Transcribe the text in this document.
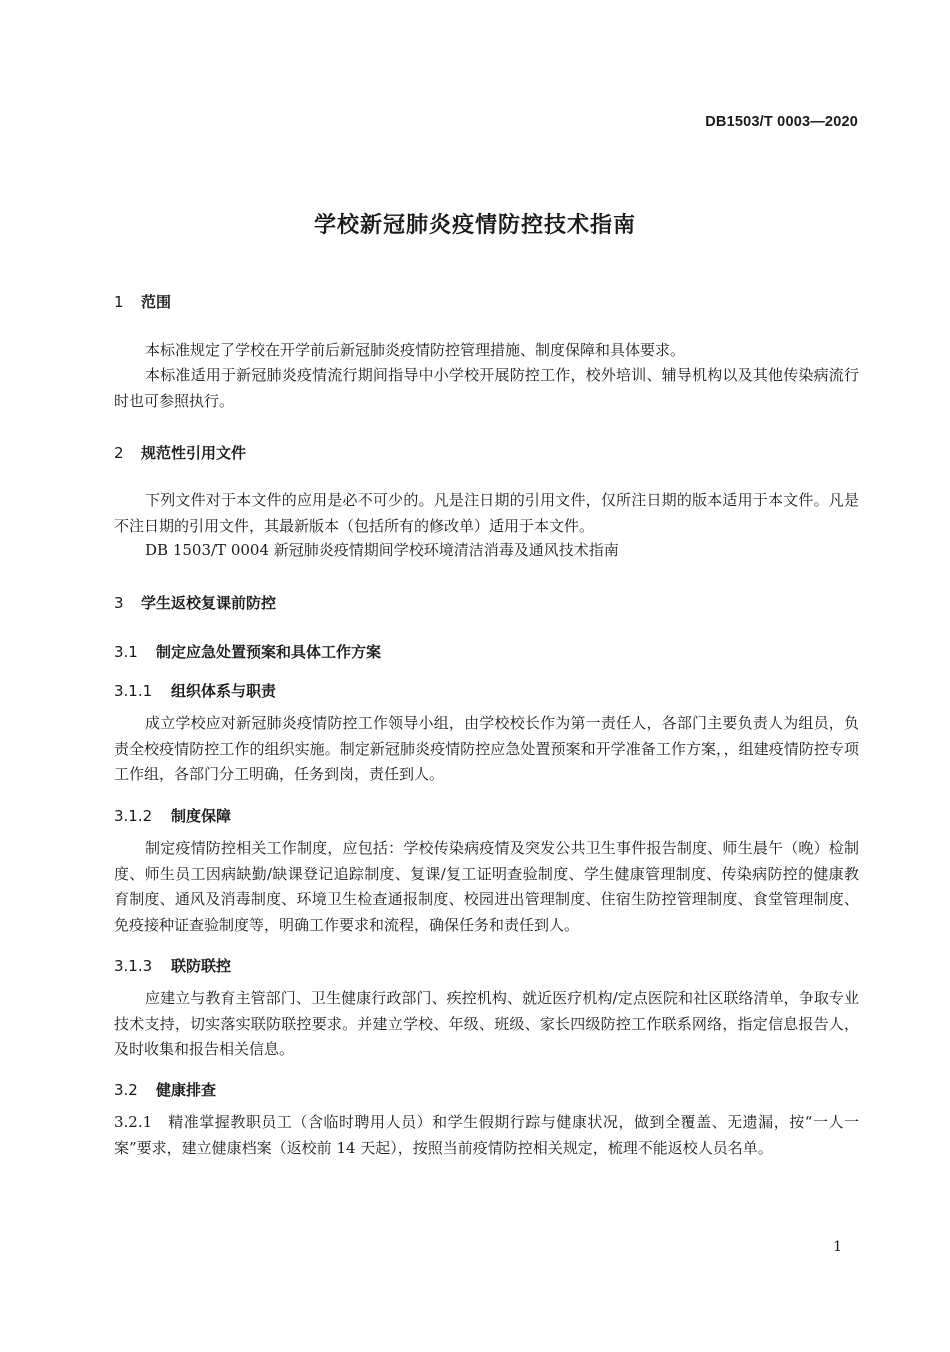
DB1503/T 0003—2020
学校新冠肺炎疫情防控技术指南
1 范围
本标准规定了学校在开学前后新冠肺炎疫情防控管理措施、制度保障和具体要求。
本标准适用于新冠肺炎疫情流行期间指导中小学校开展防控工作，校外培训、辅导机构以及其他传染病流行时也可参照执行。
2 规范性引用文件
下列文件对于本文件的应用是必不可少的。凡是注日期的引用文件，仅所注日期的版本适用于本文件。凡是不注日期的引用文件，其最新版本（包括所有的修改单）适用于本文件。
DB 1503/T 0004 新冠肺炎疫情期间学校环境清洁消毒及通风技术指南
3 学生返校复课前防控
3.1 制定应急处置预案和具体工作方案
3.1.1 组织体系与职责
成立学校应对新冠肺炎疫情防控工作领导小组，由学校校长作为第一责任人，各部门主要负责人为组员，负责全校疫情防控工作的组织实施。制定新冠肺炎疫情防控应急处置预案和开学准备工作方案，，组建疫情防控专项工作组，各部门分工明确，任务到岗，责任到人。
3.1.2 制度保障
制定疫情防控相关工作制度，应包括：学校传染病疫情及突发公共卫生事件报告制度、师生晨午（晚）检制度、师生员工因病缺勤/缺课登记追踪制度、复课/复工证明查验制度、学生健康管理制度、传染病防控的健康教育制度、通风及消毒制度、环境卫生检查通报制度、校园进出管理制度、住宿生防控管理制度、食堂管理制度、免疫接种证查验制度等，明确工作要求和流程，确保任务和责任到人。
3.1.3 联防联控
应建立与教育主管部门、卫生健康行政部门、疾控机构、就近医疗机构/定点医院和社区联络清单，争取专业技术支持，切实落实联防联控要求。并建立学校、年级、班级、家长四级防控工作联系网络，指定信息报告人，及时收集和报告相关信息。
3.2 健康排查
3.2.1　精准掌握教职员工（含临时聘用人员）和学生假期行踪与健康状况，做到全覆盖、无遗漏，按“一人一案”要求，建立健康档案（返校前 14 天起），按照当前疫情防控相关规定，梳理不能返校人员名单。
1
